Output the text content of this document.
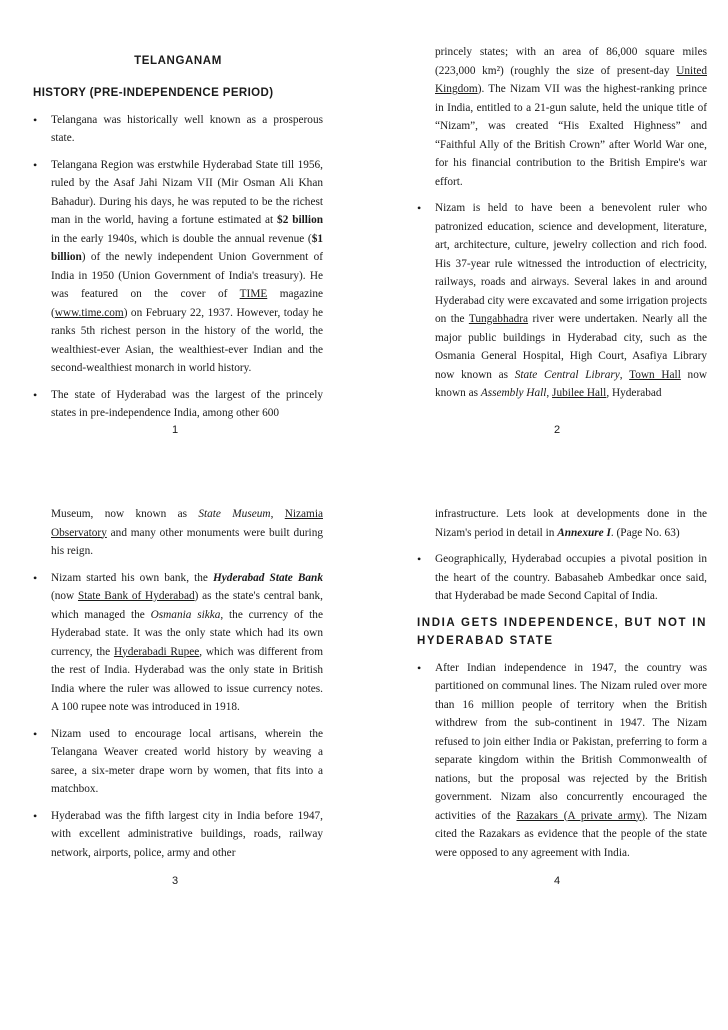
TELANGANAM
HISTORY (PRE-INDEPENDENCE PERIOD)
•	Telangana was historically well known as a prosperous state.
•	Telangana Region was erstwhile Hyderabad State till 1956, ruled by the Asaf Jahi Nizam VII (Mir Osman Ali Khan Bahadur). During his days, he was reputed to be the richest man in the world, having a fortune estimated at $2 billion in the early 1940s, which is double the annual revenue ($1 billion) of the newly independent Union Government of India in 1950 (Union Government of India's treasury). He was featured on the cover of TIME magazine (www.time.com) on February 22, 1937. However, today he ranks 5th richest person in the history of the world, the wealthiest-ever Asian, the wealthiest-ever Indian and the second-wealthiest monarch in world history.
•	The state of Hyderabad was the largest of the princely states in pre-independence India, among other 600
1
princely states; with an area of 86,000 square miles (223,000 km²) (roughly the size of present-day United Kingdom). The Nizam VII was the highest-ranking prince in India, entitled to a 21-gun salute, held the unique title of “Nizam”, was created “His Exalted Highness” and “Faithful Ally of the British Crown” after World War one, for his financial contribution to the British Empire's war effort.
•	Nizam is held to have been a benevolent ruler who patronized education, science and development, literature, art, architecture, culture, jewelry collection and rich food. His 37-year rule witnessed the introduction of electricity, railways, roads and airways. Several lakes in and around Hyderabad city were excavated and some irrigation projects on the Tungabhadra river were undertaken. Nearly all the major public buildings in Hyderabad city, such as the Osmania General Hospital, High Court, Asafiya Library now known as State Central Library, Town Hall now known as Assembly Hall, Jubilee Hall, Hyderabad
2
Museum, now known as State Museum, Nizamia Observatory and many other monuments were built during his reign.
•	Nizam started his own bank, the Hyderabad State Bank (now State Bank of Hyderabad) as the state's central bank, which managed the Osmania sikka, the currency of the Hyderabad state. It was the only state which had its own currency, the Hyderabadi Rupee, which was different from the rest of India. Hyderabad was the only state in British India where the ruler was allowed to issue currency notes. A 100 rupee note was introduced in 1918.
•	Nizam used to encourage local artisans, wherein the Telangana Weaver created world history by weaving a saree, a six-meter drape worn by women, that fits into a matchbox.
•	Hyderabad was the fifth largest city in India before 1947, with excellent administrative buildings, roads, railway network, airports, police, army and other
3
infrastructure. Lets look at developments done in the Nizam's period in detail in Annexure I. (Page No. 63)
•	Geographically, Hyderabad occupies a pivotal position in the heart of the country. Babasaheb Ambedkar once said, that Hyderabad be made Second Capital of India.
INDIA GETS INDEPENDENCE, BUT NOT IN HYDERABAD STATE
•	After Indian independence in 1947, the country was partitioned on communal lines. The Nizam ruled over more than 16 million people of territory when the British withdrew from the sub-continent in 1947. The Nizam refused to join either India or Pakistan, preferring to form a separate kingdom within the British Commonwealth of nations, but the proposal was rejected by the British government. Nizam also concurrently encouraged the activities of the Razakars (A private army). The Nizam cited the Razakars as evidence that the people of the state were opposed to any agreement with India.
4
